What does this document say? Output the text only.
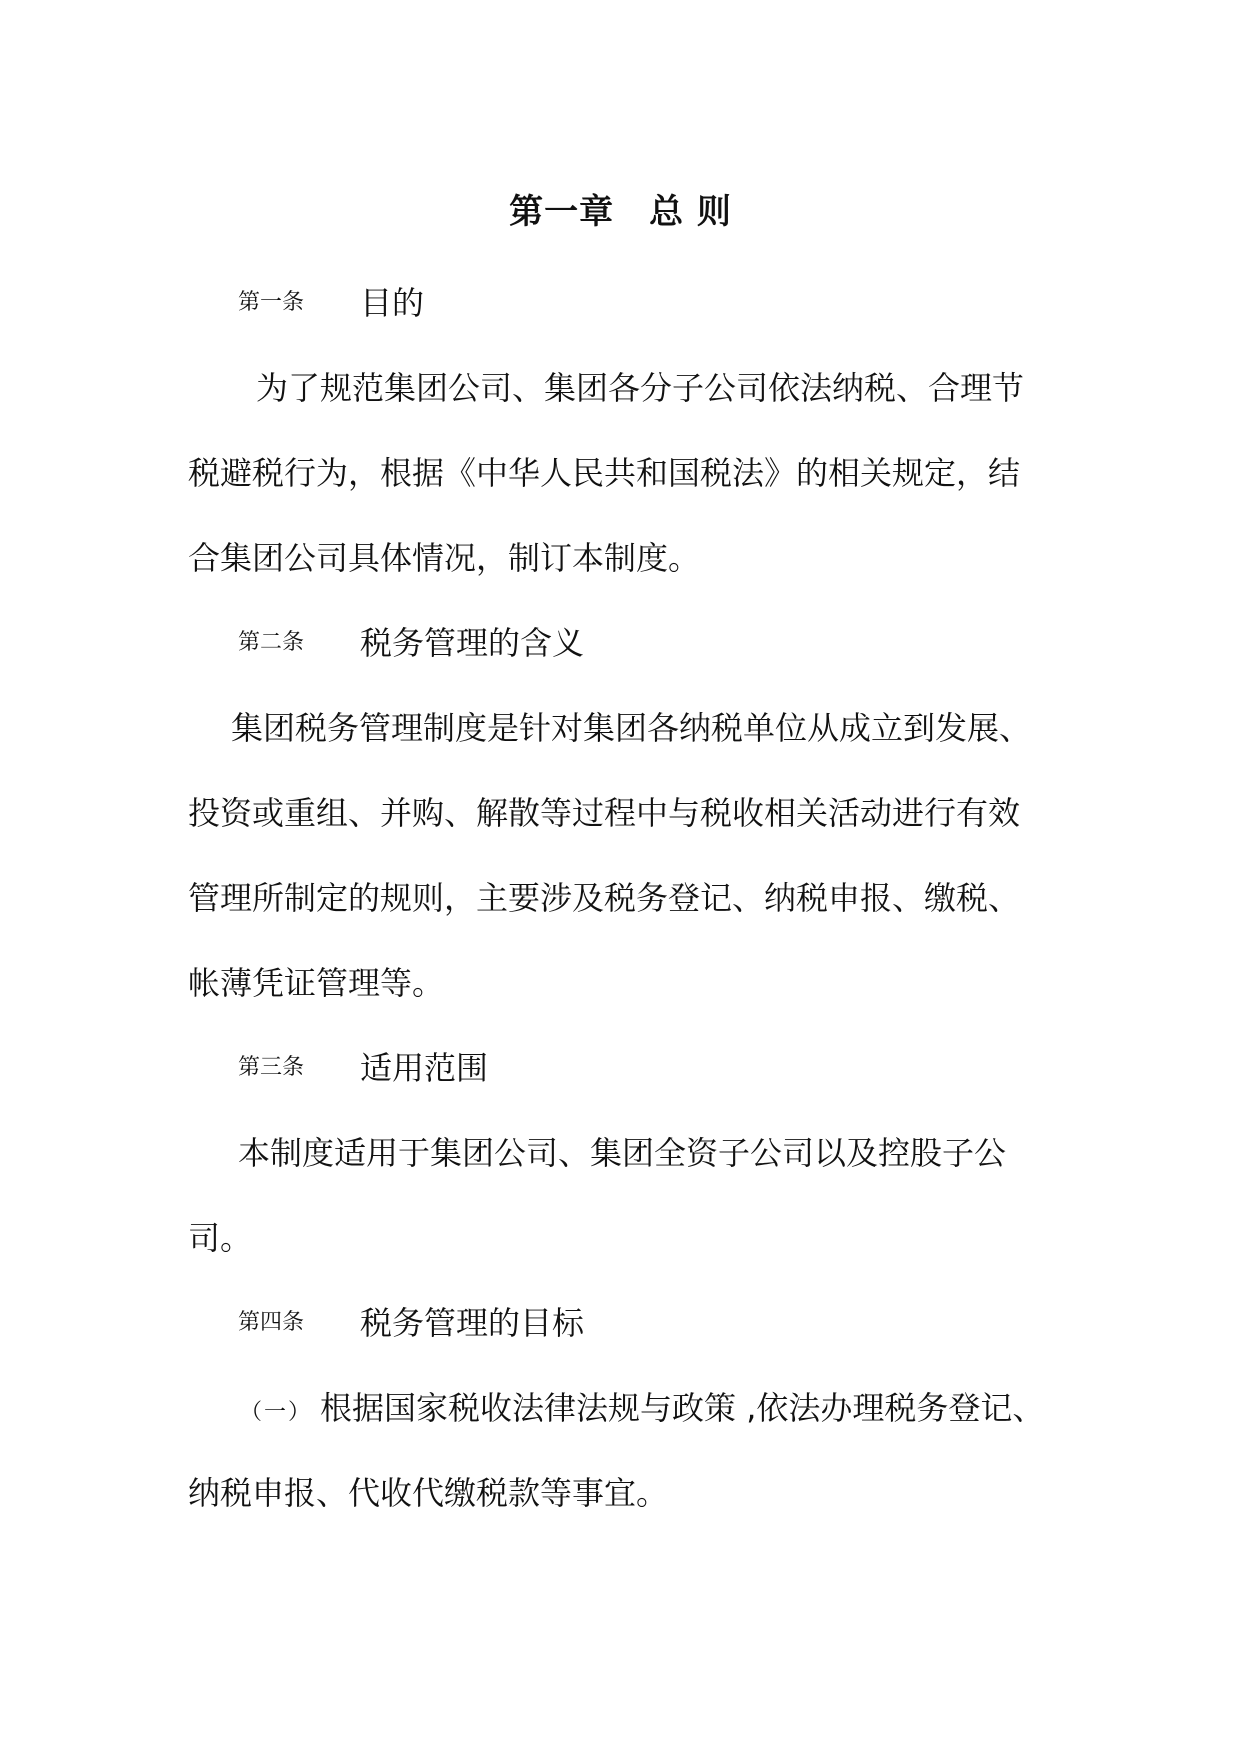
第一章　总 则
第一条 目的
为了规范集团公司、集团各分子公司依法纳税、合理节
税避税行为，根据《中华人民共和国税法》的相关规定，结
合集团公司具体情况，制订本制度。
第二条 税务管理的含义
集团税务管理制度是针对集团各纳税单位从成立到发展、
投资或重组、并购、解散等过程中与税收相关活动进行有效
管理所制定的规则，主要涉及税务登记、纳税申报、缴税、
帐薄凭证管理等。
第三条 适用范围
本制度适用于集团公司、集团全资子公司以及控股子公
司。
第四条 税务管理的目标
（一） 根据国家税收法律法规与政策 ,依法办理税务登记、
纳税申报、代收代缴税款等事宜。
